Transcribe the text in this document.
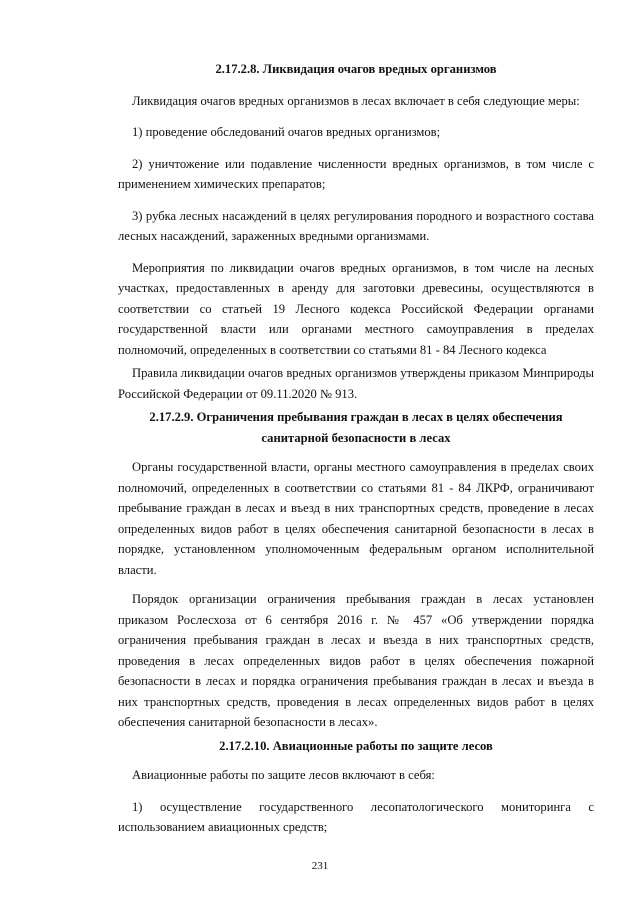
2.17.2.8. Ликвидация очагов вредных организмов

Ликвидация очагов вредных организмов в лесах включает в себя следующие меры:

1) проведение обследований очагов вредных организмов;

2) уничтожение или подавление численности вредных организмов, в том числе с применением химических препаратов;

3) рубка лесных насаждений в целях регулирования породного и возрастного состава лесных насаждений, зараженных вредными организмами.

Мероприятия по ликвидации очагов вредных организмов, в том числе на лесных участках, предоставленных в аренду для заготовки древесины, осуществляются в соответствии со статьей 19 Лесного кодекса Российской Федерации органами государственной власти или органами местного самоуправления в пределах полномочий, определенных в соответствии со статьями 81 - 84 Лесного кодекса

Правила ликвидации очагов вредных организмов утверждены приказом Минприроды Российской Федерации от 09.11.2020 № 913.

2.17.2.9. Ограничения пребывания граждан в лесах в целях обеспечения санитарной безопасности в лесах

Органы государственной власти, органы местного самоуправления в пределах своих полномочий, определенных в соответствии со статьями 81 - 84 ЛКРФ, ограничивают пребывание граждан в лесах и въезд в них транспортных средств, проведение в лесах определенных видов работ в целях обеспечения санитарной безопасности в лесах в порядке, установленном уполномоченным федеральным органом исполнительной власти.

Порядок организации ограничения пребывания граждан в лесах установлен приказом Рослесхоза от 6 сентября 2016 г. № 457 «Об утверждении порядка ограничения пребывания граждан в лесах и въезда в них транспортных средств, проведения в лесах определенных видов работ в целях обеспечения пожарной безопасности в лесах и порядка ограничения пребывания граждан в лесах и въезда в них транспортных средств, проведения в лесах определенных видов работ в целях обеспечения санитарной безопасности в лесах».

2.17.2.10. Авиационные работы по защите лесов

Авиационные работы по защите лесов включают в себя:

1) осуществление государственного лесопатологического мониторинга с использованием авиационных средств;

231
